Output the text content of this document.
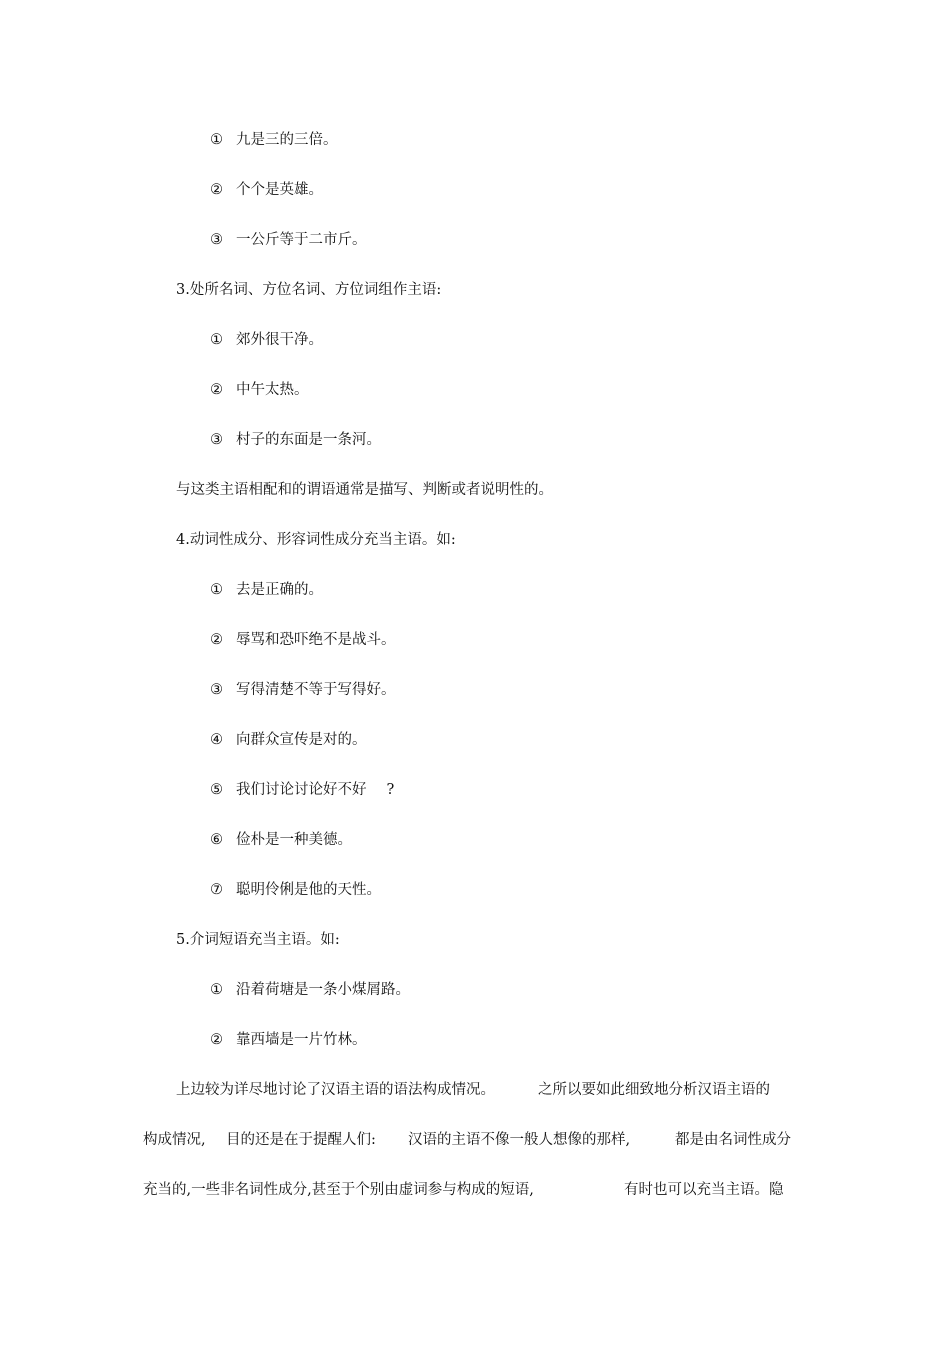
① 九是三的三倍。
② 个个是英雄。
③ 一公斤等于二市斤。
3.处所名词、方位名词、方位词组作主语:
① 郊外很干净。
② 中午太热。
③ 村子的东面是一条河。
与这类主语相配和的谓语通常是描写、判断或者说明性的。
4.动词性成分、形容词性成分充当主语。如:
① 去是正确的。
② 辱骂和恐吓绝不是战斗。
③ 写得清楚不等于写得好。
④ 向群众宣传是对的。
⑤ 我们讨论讨论好不好 ?
⑥ 俭朴是一种美德。
⑦ 聪明伶俐是他的天性。
5.介词短语充当主语。如:
① 沿着荷塘是一条小煤屑路。
② 靠西墙是一片竹林。
上边较为详尽地讨论了汉语主语的语法构成情况。	之所以要如此细致地分析汉语主语的
构成情况, 目的还是在于提醒人们: 汉语的主语不像一般人想像的那样,	都是由名词性成分
充当的,一些非名词性成分,甚至于个别由虚词参与构成的短语,	有时也可以充当主语。隐
